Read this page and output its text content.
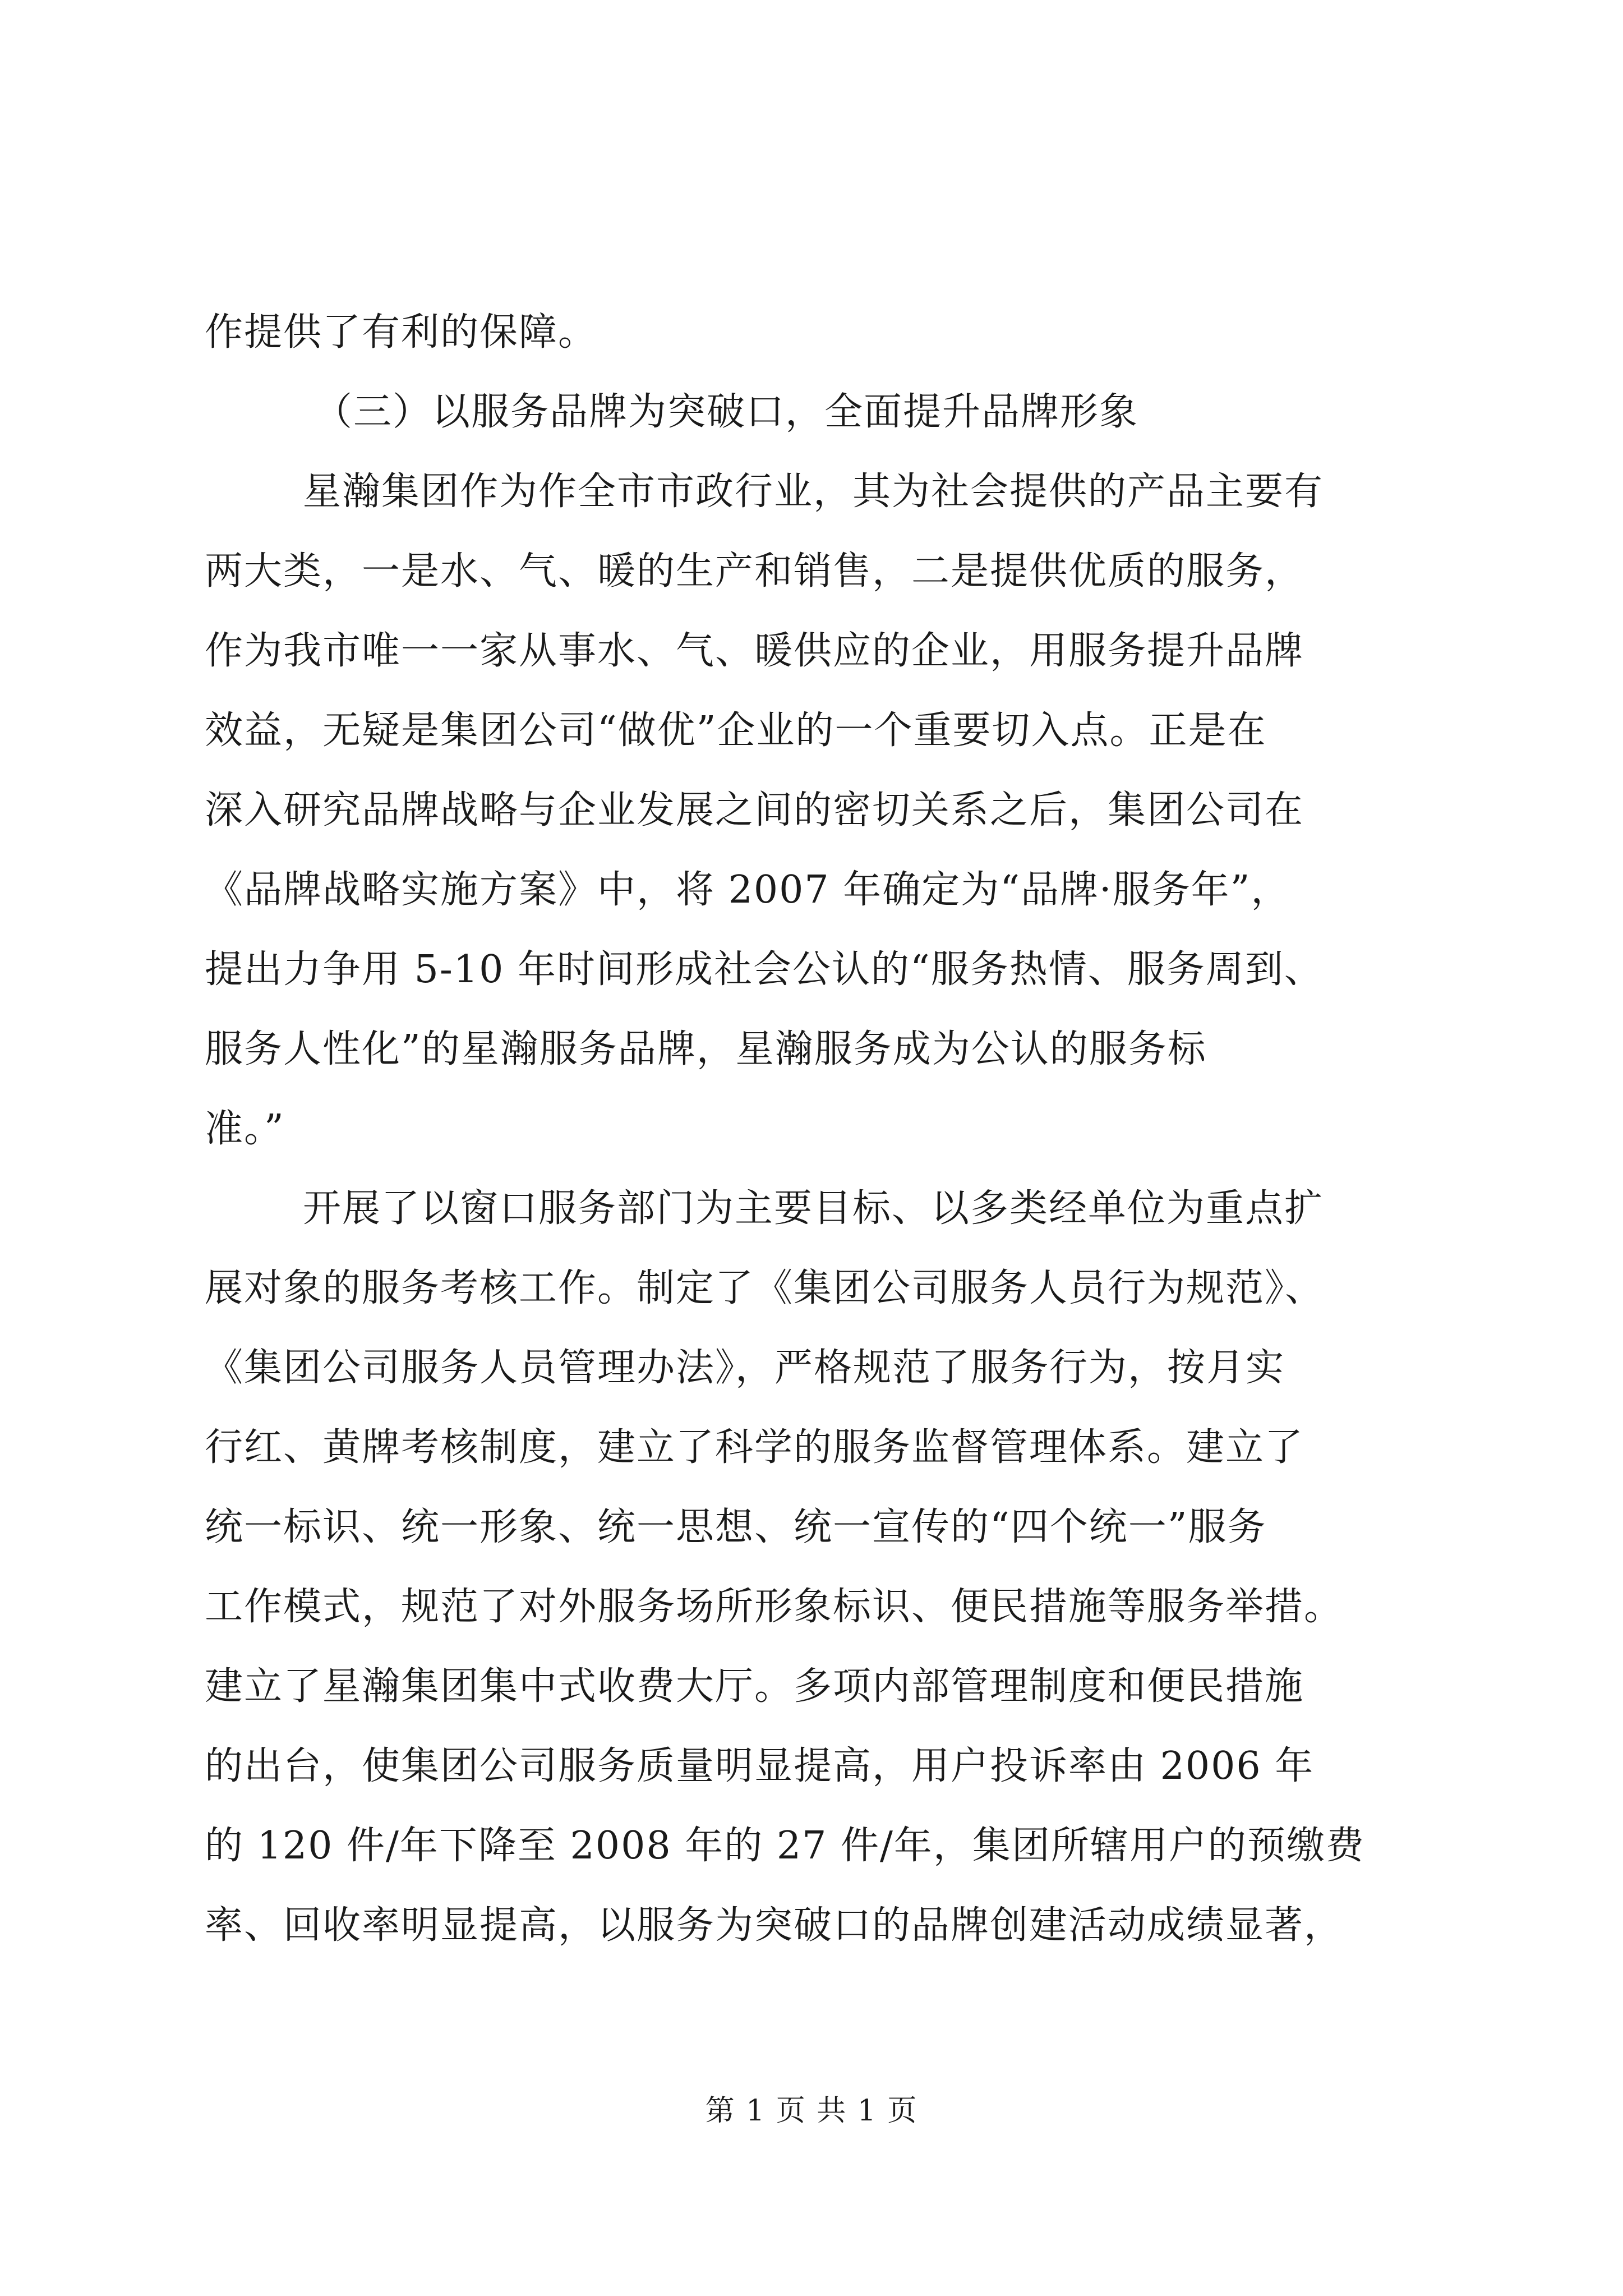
作提供了有利的保障。
（三）以服务品牌为突破口，全面提升品牌形象
星瀚集团作为作全市市政行业，其为社会提供的产品主要有
两大类，一是水、气、暖的生产和销售，二是提供优质的服务，
作为我市唯一一家从事水、气、暖供应的企业，用服务提升品牌
效益，无疑是集团公司“做优”企业的一个重要切入点。正是在
深入研究品牌战略与企业发展之间的密切关系之后，集团公司在
《品牌战略实施方案》中，将 2007 年确定为“品牌·服务年”，
提出力争用 5-10 年时间形成社会公认的“服务热情、服务周到、
服务人性化”的星瀚服务品牌，星瀚服务成为公认的服务标
准。”
开展了以窗口服务部门为主要目标、以多类经单位为重点扩
展对象的服务考核工作。制定了《集团公司服务人员行为规范》、
《集团公司服务人员管理办法》，严格规范了服务行为，按月实
行红、黄牌考核制度，建立了科学的服务监督管理体系。建立了
统一标识、统一形象、统一思想、统一宣传的“四个统一”服务
工作模式，规范了对外服务场所形象标识、便民措施等服务举措。
建立了星瀚集团集中式收费大厅。多项内部管理制度和便民措施
的出台，使集团公司服务质量明显提高，用户投诉率由 2006 年
的 120 件/年下降至 2008 年的 27 件/年，集团所辖用户的预缴费
率、回收率明显提高，以服务为突破口的品牌创建活动成绩显著，
第 1 页 共 1 页
